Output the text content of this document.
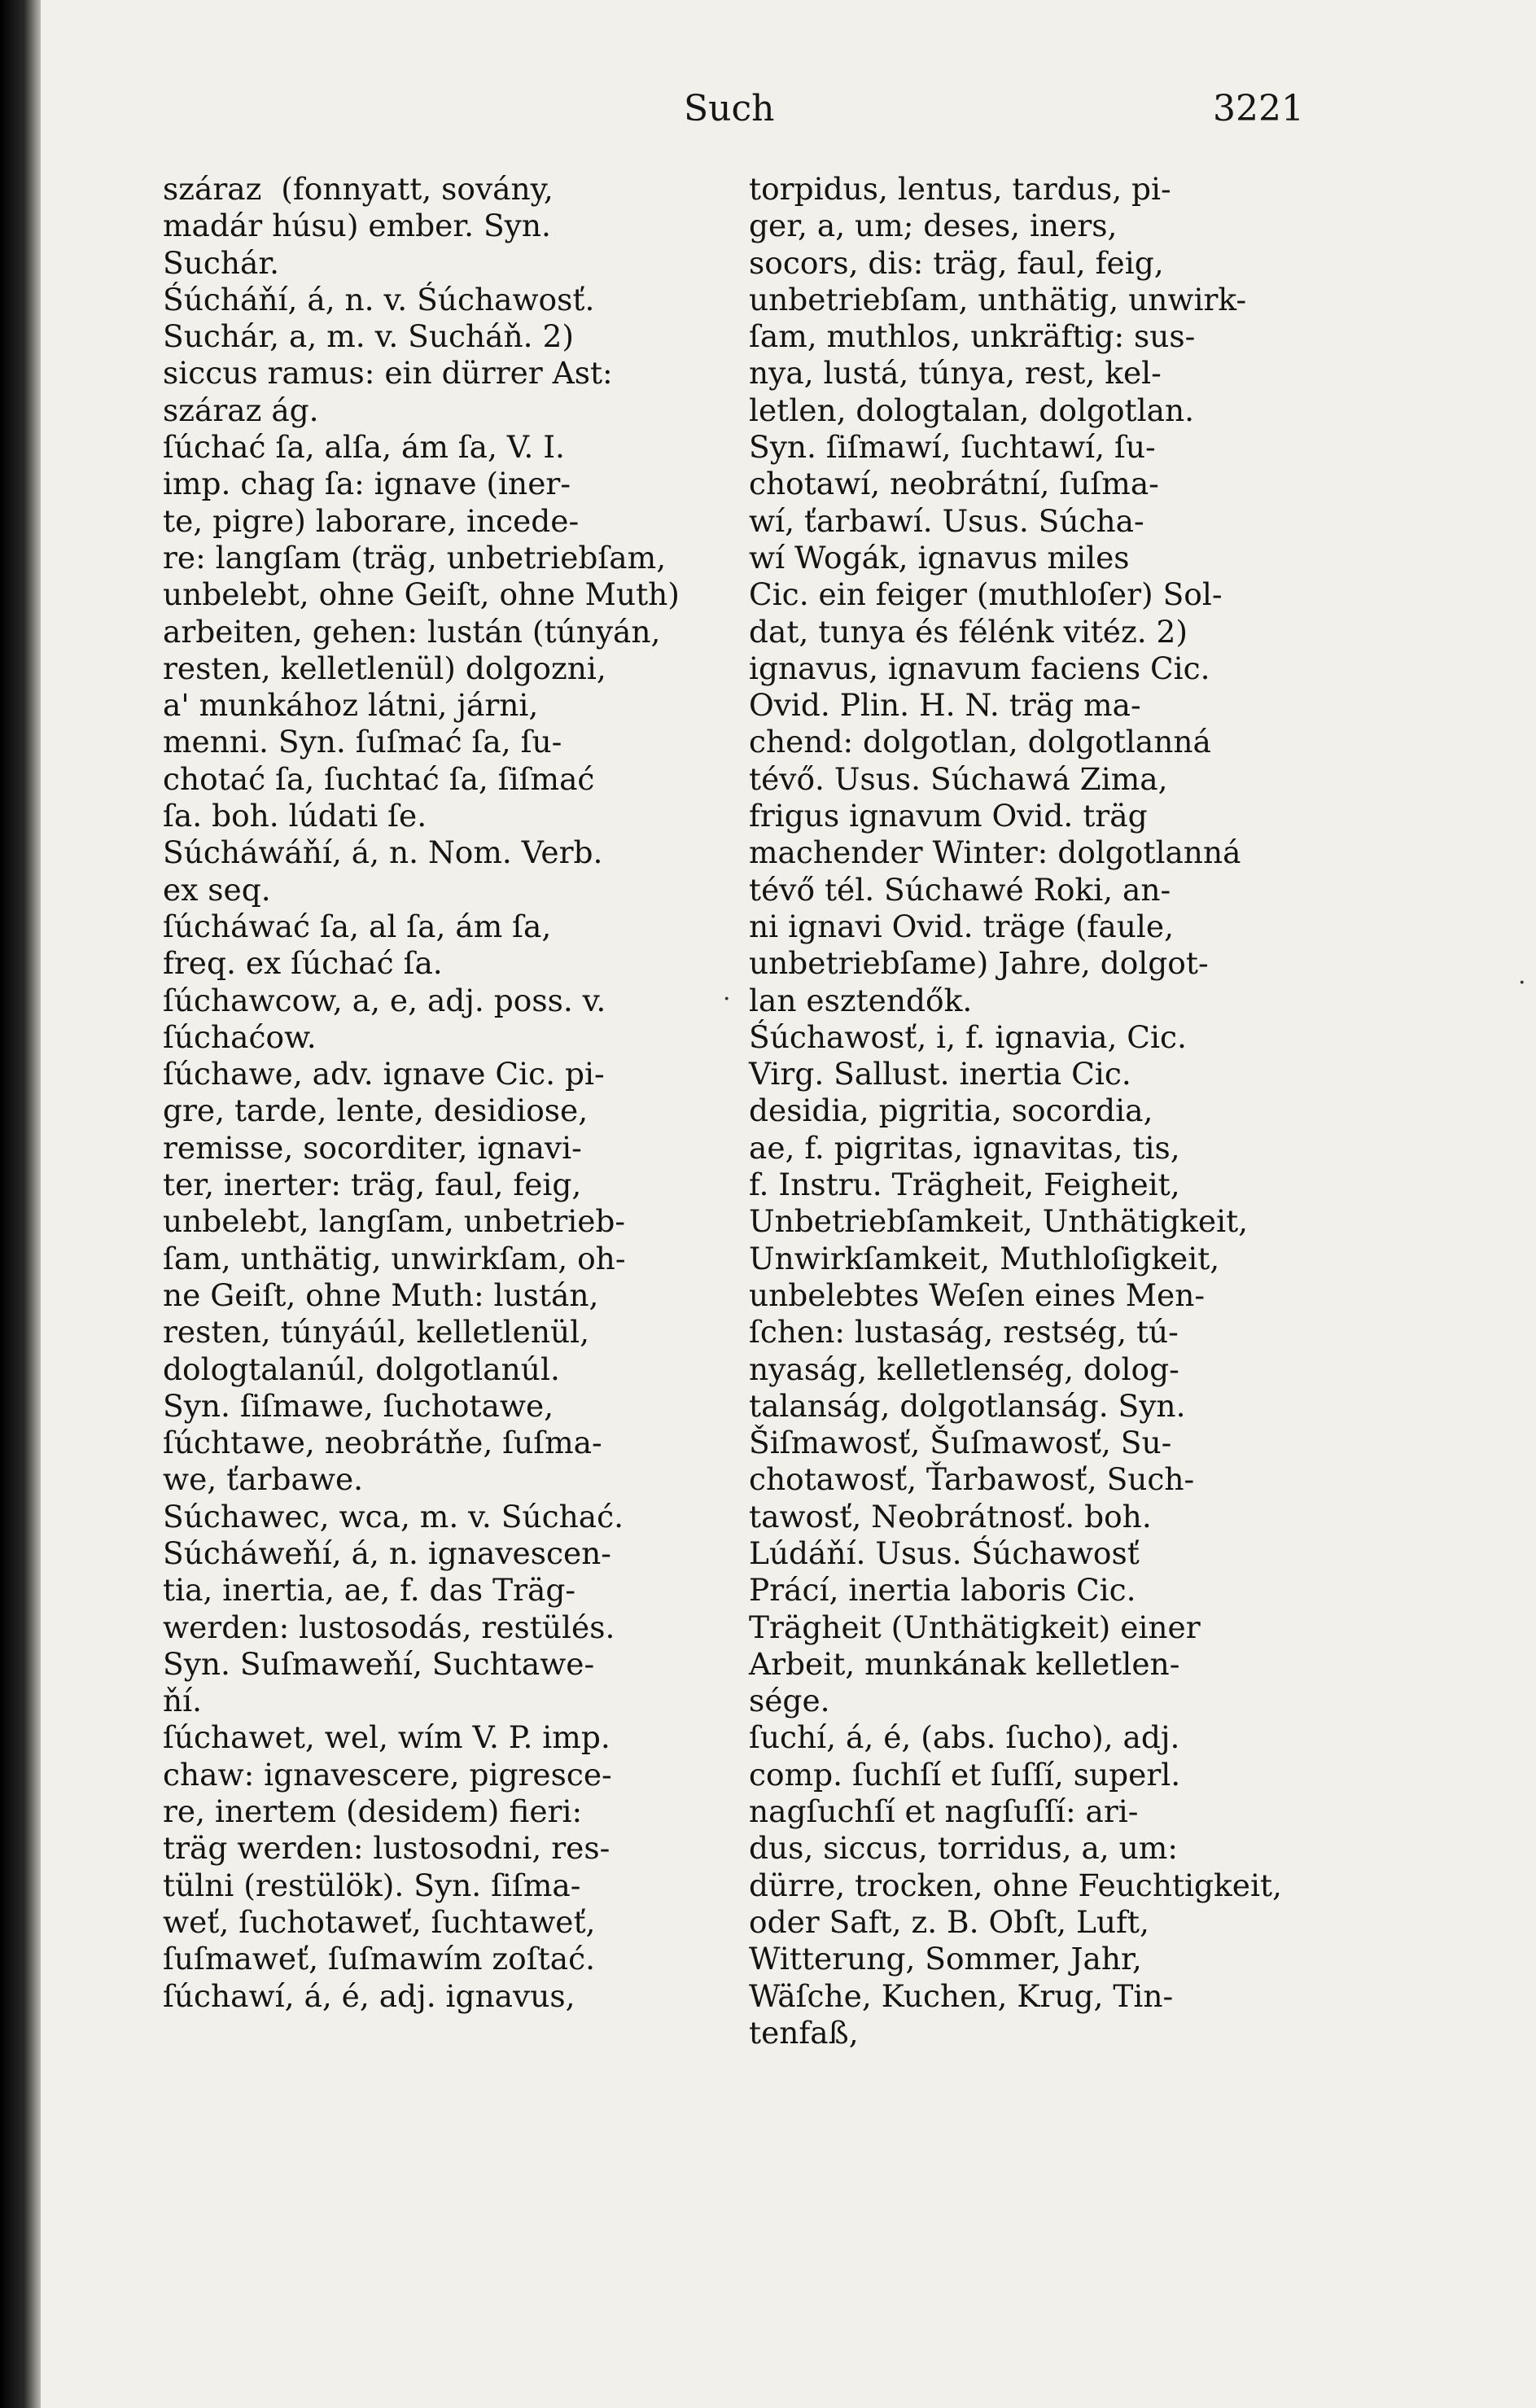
Such	3221
száraz  (fonnyatt, sovány,
madár húsu) ember. Syn.
Suchár.
Śúcháňí, á, n. v. Śúchawosť.
Suchár, a, m. v. Sucháň. 2)
siccus ramus: ein dürrer Ast:
száraz ág.
ſúchać ſa, alſa, ám ſa, V. I.
imp. chag ſa: ignave (iner-
te, pigre) laborare, incede-
re: langſam (träg, unbetriebſam,
unbelebt, ohne Geiſt, ohne Muth)
arbeiten, gehen: lustán (túnyán,
resten, kelletlenül) dolgozni,
a' munkához látni, járni,
menni. Syn. ſuſmać ſa, ſu-
chotać ſa, ſuchtać ſa, ſiſmać
ſa. boh. lúdati ſe.
Súcháwáňí, á, n. Nom. Verb.
ex seq.
ſúcháwać ſa, al ſa, ám ſa,
freq. ex ſúchać ſa.
ſúchawcow, a, e, adj. poss. v.
ſúchaćow.
ſúchawe, adv. ignave Cic. pi-
gre, tarde, lente, desidiose,
remisse, socorditer, ignavi-
ter, inerter: träg, faul, feig,
unbelebt, langſam, unbetrieb-
ſam, unthätig, unwirkſam, oh-
ne Geiſt, ohne Muth: lustán,
resten, túnyáúl, kelletlenül,
dologtalanúl, dolgotlanúl.
Syn. ſiſmawe, ſuchotawe,
ſúchtawe, neobrátňe, ſuſma-
we, ťarbawe.
Súchawec, wca, m. v. Súchać.
Súcháweňí, á, n. ignavescen-
tia, inertia, ae, f. das Träg-
werden: lustosodás, restülés.
Syn. Suſmaweňí, Suchtawe-
ňí.
ſúchawet, wel, wím V. P. imp.
chaw: ignavescere, pigresce-
re, inertem (desidem) fieri:
träg werden: lustosodni, res-
tülni (restülök). Syn. ſiſma-
weť, ſuchotaweť, ſuchtaweť,
ſuſmaweť, ſuſmawím zoſtać.
ſúchawí, á, é, adj. ignavus,
torpidus, lentus, tardus, pi-
ger, a, um; deses, iners,
socors, dis: träg, faul, feig,
unbetriebſam, unthätig, unwirk-
ſam, muthlos, unkräftig: sus-
nya, lustá, túnya, rest, kel-
letlen, dologtalan, dolgotlan.
Syn. ſiſmawí, ſuchtawí, ſu-
chotawí, neobrátní, ſuſma-
wí, ťarbawí. Usus. Súcha-
wí Wogák, ignavus miles
Cic. ein feiger (muthloſer) Sol-
dat, tunya és félénk vitéz. 2)
ignavus, ignavum faciens Cic.
Ovid. Plin. H. N. träg ma-
chend: dolgotlan, dolgotlanná
tévő. Usus. Súchawá Zima,
frigus ignavum Ovid. träg
machender Winter: dolgotlanná
tévő tél. Súchawé Roki, an-
ni ignavi Ovid. träge (faule,
unbetriebſame) Jahre, dolgot-
lan esztendők.
Śúchawosť, i, f. ignavia, Cic.
Virg. Sallust. inertia Cic.
desidia, pigritia, socordia,
ae, f. pigritas, ignavitas, tis,
f. Instru. Trägheit, Feigheit,
Unbetriebſamkeit, Unthätigkeit,
Unwirkſamkeit, Muthloſigkeit,
unbelebtes Weſen eines Men-
ſchen: lustaság, restség, tú-
nyaság, kelletlenség, dolog-
talanság, dolgotlanság. Syn.
Šiſmawosť, Šuſmawosť, Su-
chotawosť, Ťarbawosť, Such-
tawosť, Neobrátnosť. boh.
Lúdáňí. Usus. Śúchawosť
Prácí, inertia laboris Cic.
Trägheit (Unthätigkeit) einer
Arbeit, munkának kelletlen-
sége.
ſuchí, á, é, (abs. ſucho), adj.
comp. ſuchſí et ſuſſí, superl.
nagſuchſí et nagſuſſí: ari-
dus, siccus, torridus, a, um:
dürre, trocken, ohne Feuchtigkeit,
oder Saft, z. B. Obſt, Luft,
Witterung, Sommer, Jahr,
Wäſche, Kuchen, Krug, Tin-
tenfaß,
·
·
